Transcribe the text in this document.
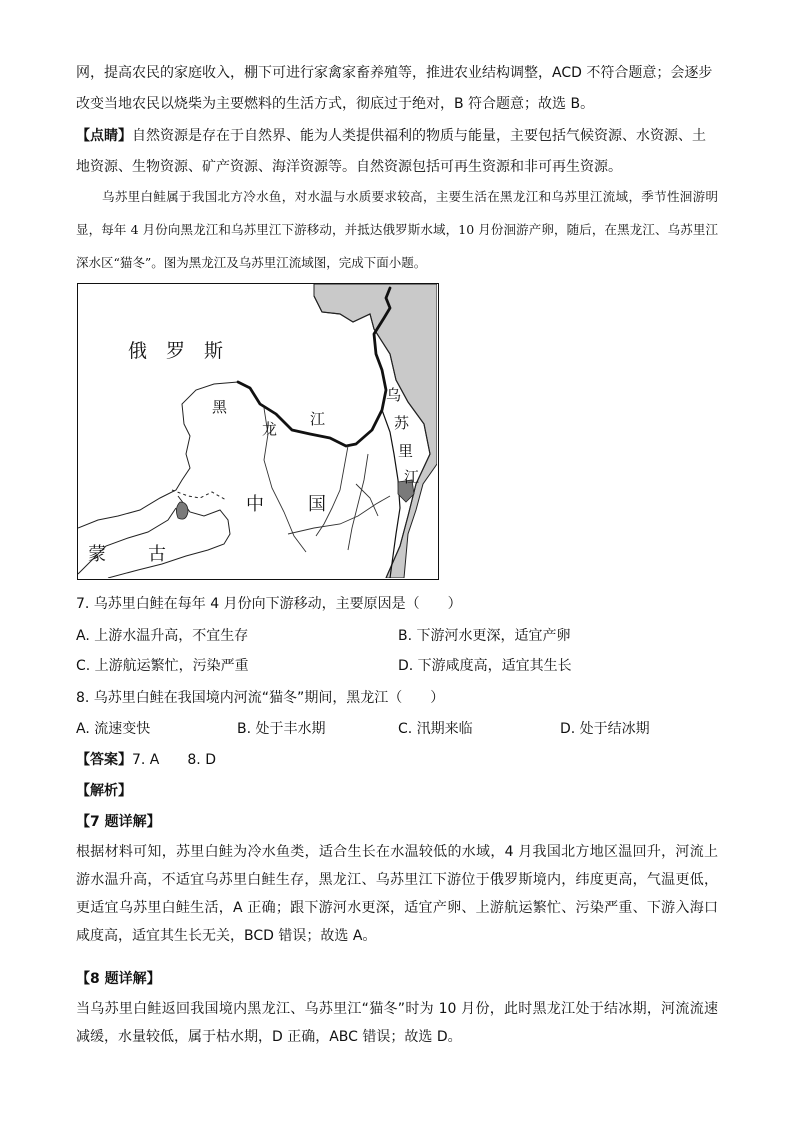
网，提高农民的家庭收入，棚下可进行家禽家畜养殖等，推进农业结构调整，ACD 不符合题意；会逐步
改变当地农民以烧柴为主要燃料的生活方式，彻底过于绝对，B 符合题意；故选 B。
【点睛】自然资源是存在于自然界、能为人类提供福利的物质与能量，主要包括气候资源、水资源、土
地资源、生物资源、矿产资源、海洋资源等。自然资源包括可再生资源和非可再生资源。
乌苏里白鲑属于我国北方冷水鱼，对水温与水质要求较高，主要生活在黑龙江和乌苏里江流域，季节性洄游明显，每年 4 月份向黑龙江和乌苏里江下游移动，并抵达俄罗斯水域，10 月份洄游产卵，随后，在黑龙江、乌苏里江深水区“猫冬”。图为黑龙江及乌苏里江流域图，完成下面小题。
俄　罗　斯
黑
龙
江
乌
苏
里
江
中 国
蒙 古
7. 乌苏里白鲑在每年 4 月份向下游移动，主要原因是（　　）
A. 上游水温升高，不宜生存	B. 下游河水更深，适宜产卵
C. 上游航运繁忙，污染严重	D. 下游咸度高，适宜其生长
8. 乌苏里白鲑在我国境内河流“猫冬”期间，黑龙江（　　）
A. 流速变快	B. 处于丰水期	C. 汛期来临	D. 处于结冰期
【答案】7. A　　8. D
【解析】
【7 题详解】
根据材料可知，苏里白鲑为冷水鱼类，适合生长在水温较低的水域，4 月我国北方地区温回升，河流上游水温升高，不适宜乌苏里白鲑生存，黑龙江、乌苏里江下游位于俄罗斯境内，纬度更高，气温更低，更适宜乌苏里白鲑生活，A 正确；跟下游河水更深，适宜产卵、上游航运繁忙、污染严重、下游入海口咸度高，适宜其生长无关，BCD 错误；故选 A。
【8 题详解】
当乌苏里白鲑返回我国境内黑龙江、乌苏里江“猫冬”时为 10 月份，此时黑龙江处于结冰期，河流流速减缓，水量较低，属于枯水期，D 正确，ABC 错误；故选 D。
